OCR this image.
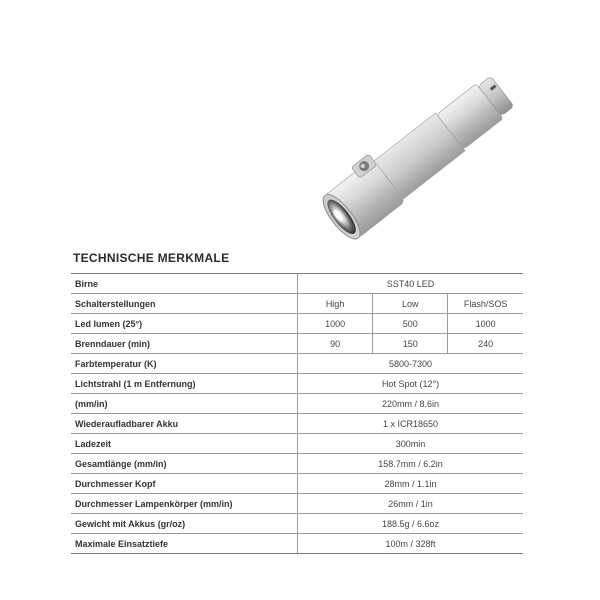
TECHNISCHE MERKMALE
Birne	SST40 LED		
Schalterstellungen	High	Low	Flash/SOS
Led lumen (25°)	1000	500	1000
Brenndauer (min)	90	150	240
Farbtemperatur (K)	5800-7300		
Lichtstrahl (1 m Entfernung)	Hot Spot (12°)		
(mm/in)	220mm / 8.6in		
Wiederaufladbarer Akku	1 x ICR18650		
Ladezeit	300min		
Gesamtlänge (mm/in)	158.7mm / 6.2in		
Durchmesser Kopf	28mm / 1.1in		
Durchmesser Lampenkörper (mm/in)	26mm / 1in		
Gewicht mit Akkus (gr/oz)	188.5g / 6.6oz		
Maximale Einsatztiefe	100m / 328ft		
